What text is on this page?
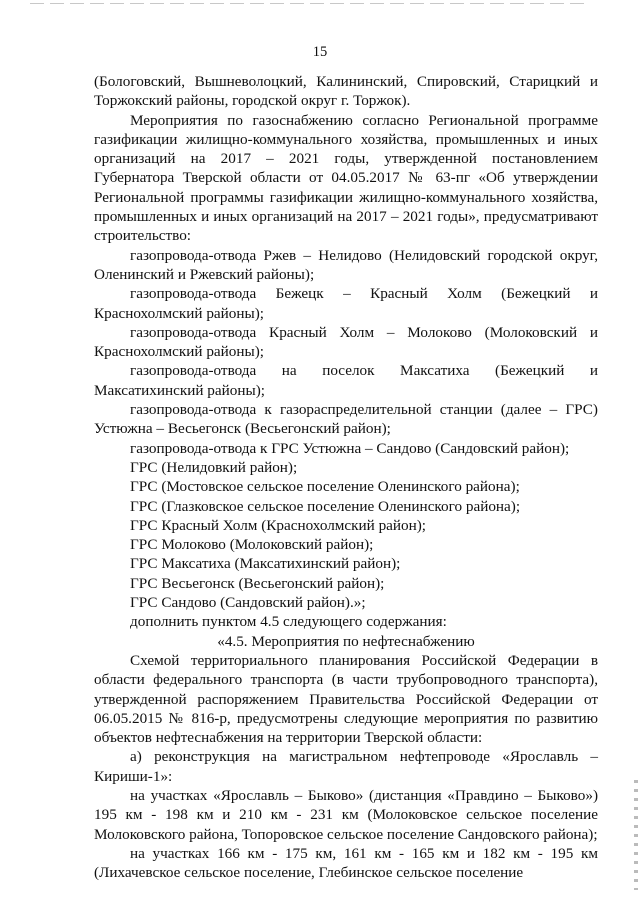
15

(Бологовский, Вышневолоцкий, Калининский, Спировский, Старицкий и Торжокский районы, городской округ г. Торжок).

Мероприятия по газоснабжению согласно Региональной программе газификации жилищно-коммунального хозяйства, промышленных и иных организаций на 2017 – 2021 годы, утвержденной постановлением Губернатора Тверской области от 04.05.2017 № 63-пг «Об утверждении Региональной программы газификации жилищно-коммунального хозяйства, промышленных и иных организаций на 2017 – 2021 годы», предусматривают строительство:

газопровода-отвода Ржев – Нелидово (Нелидовский городской округ, Оленинский и Ржевский районы);

газопровода-отвода Бежецк – Красный Холм (Бежецкий и Краснохолмский районы);

газопровода-отвода Красный Холм – Молоково (Молоковский и Краснохолмский районы);

газопровода-отвода на поселок Максатиха (Бежецкий и Максатихинский районы);

газопровода-отвода к газораспределительной станции (далее – ГРС) Устюжна – Весьегонск (Весьегонский район);

газопровода-отвода к ГРС Устюжна – Сандово (Сандовский район);

ГРС (Нелидовкий район);

ГРС (Мостовское сельское поселение Оленинского района);

ГРС (Глазковское сельское поселение Оленинского района);

ГРС Красный Холм (Краснохолмский район);

ГРС Молоково (Молоковский район);

ГРС Максатиха (Максатихинский район);

ГРС Весьегонск (Весьегонский район);

ГРС Сандово (Сандовский район).»;

дополнить пунктом 4.5 следующего содержания:

«4.5. Мероприятия по нефтеснабжению

Схемой территориального планирования Российской Федерации в области федерального транспорта (в части трубопроводного транспорта), утвержденной распоряжением Правительства Российской Федерации от 06.05.2015 № 816-р, предусмотрены следующие мероприятия по развитию объектов нефтеснабжения на территории Тверской области:

а) реконструкция на магистральном нефтепроводе «Ярославль – Кириши-1»:

на участках «Ярославль – Быково» (дистанция «Правдино – Быково») 195 км - 198 км и 210 км - 231 км (Молоковское сельское поселение Молоковского района, Топоровское сельское поселение Сандовского района);

на участках 166 км - 175 км, 161 км - 165 км и 182 км - 195 км (Лихачевское сельское поселение, Глебинское сельское поселение
